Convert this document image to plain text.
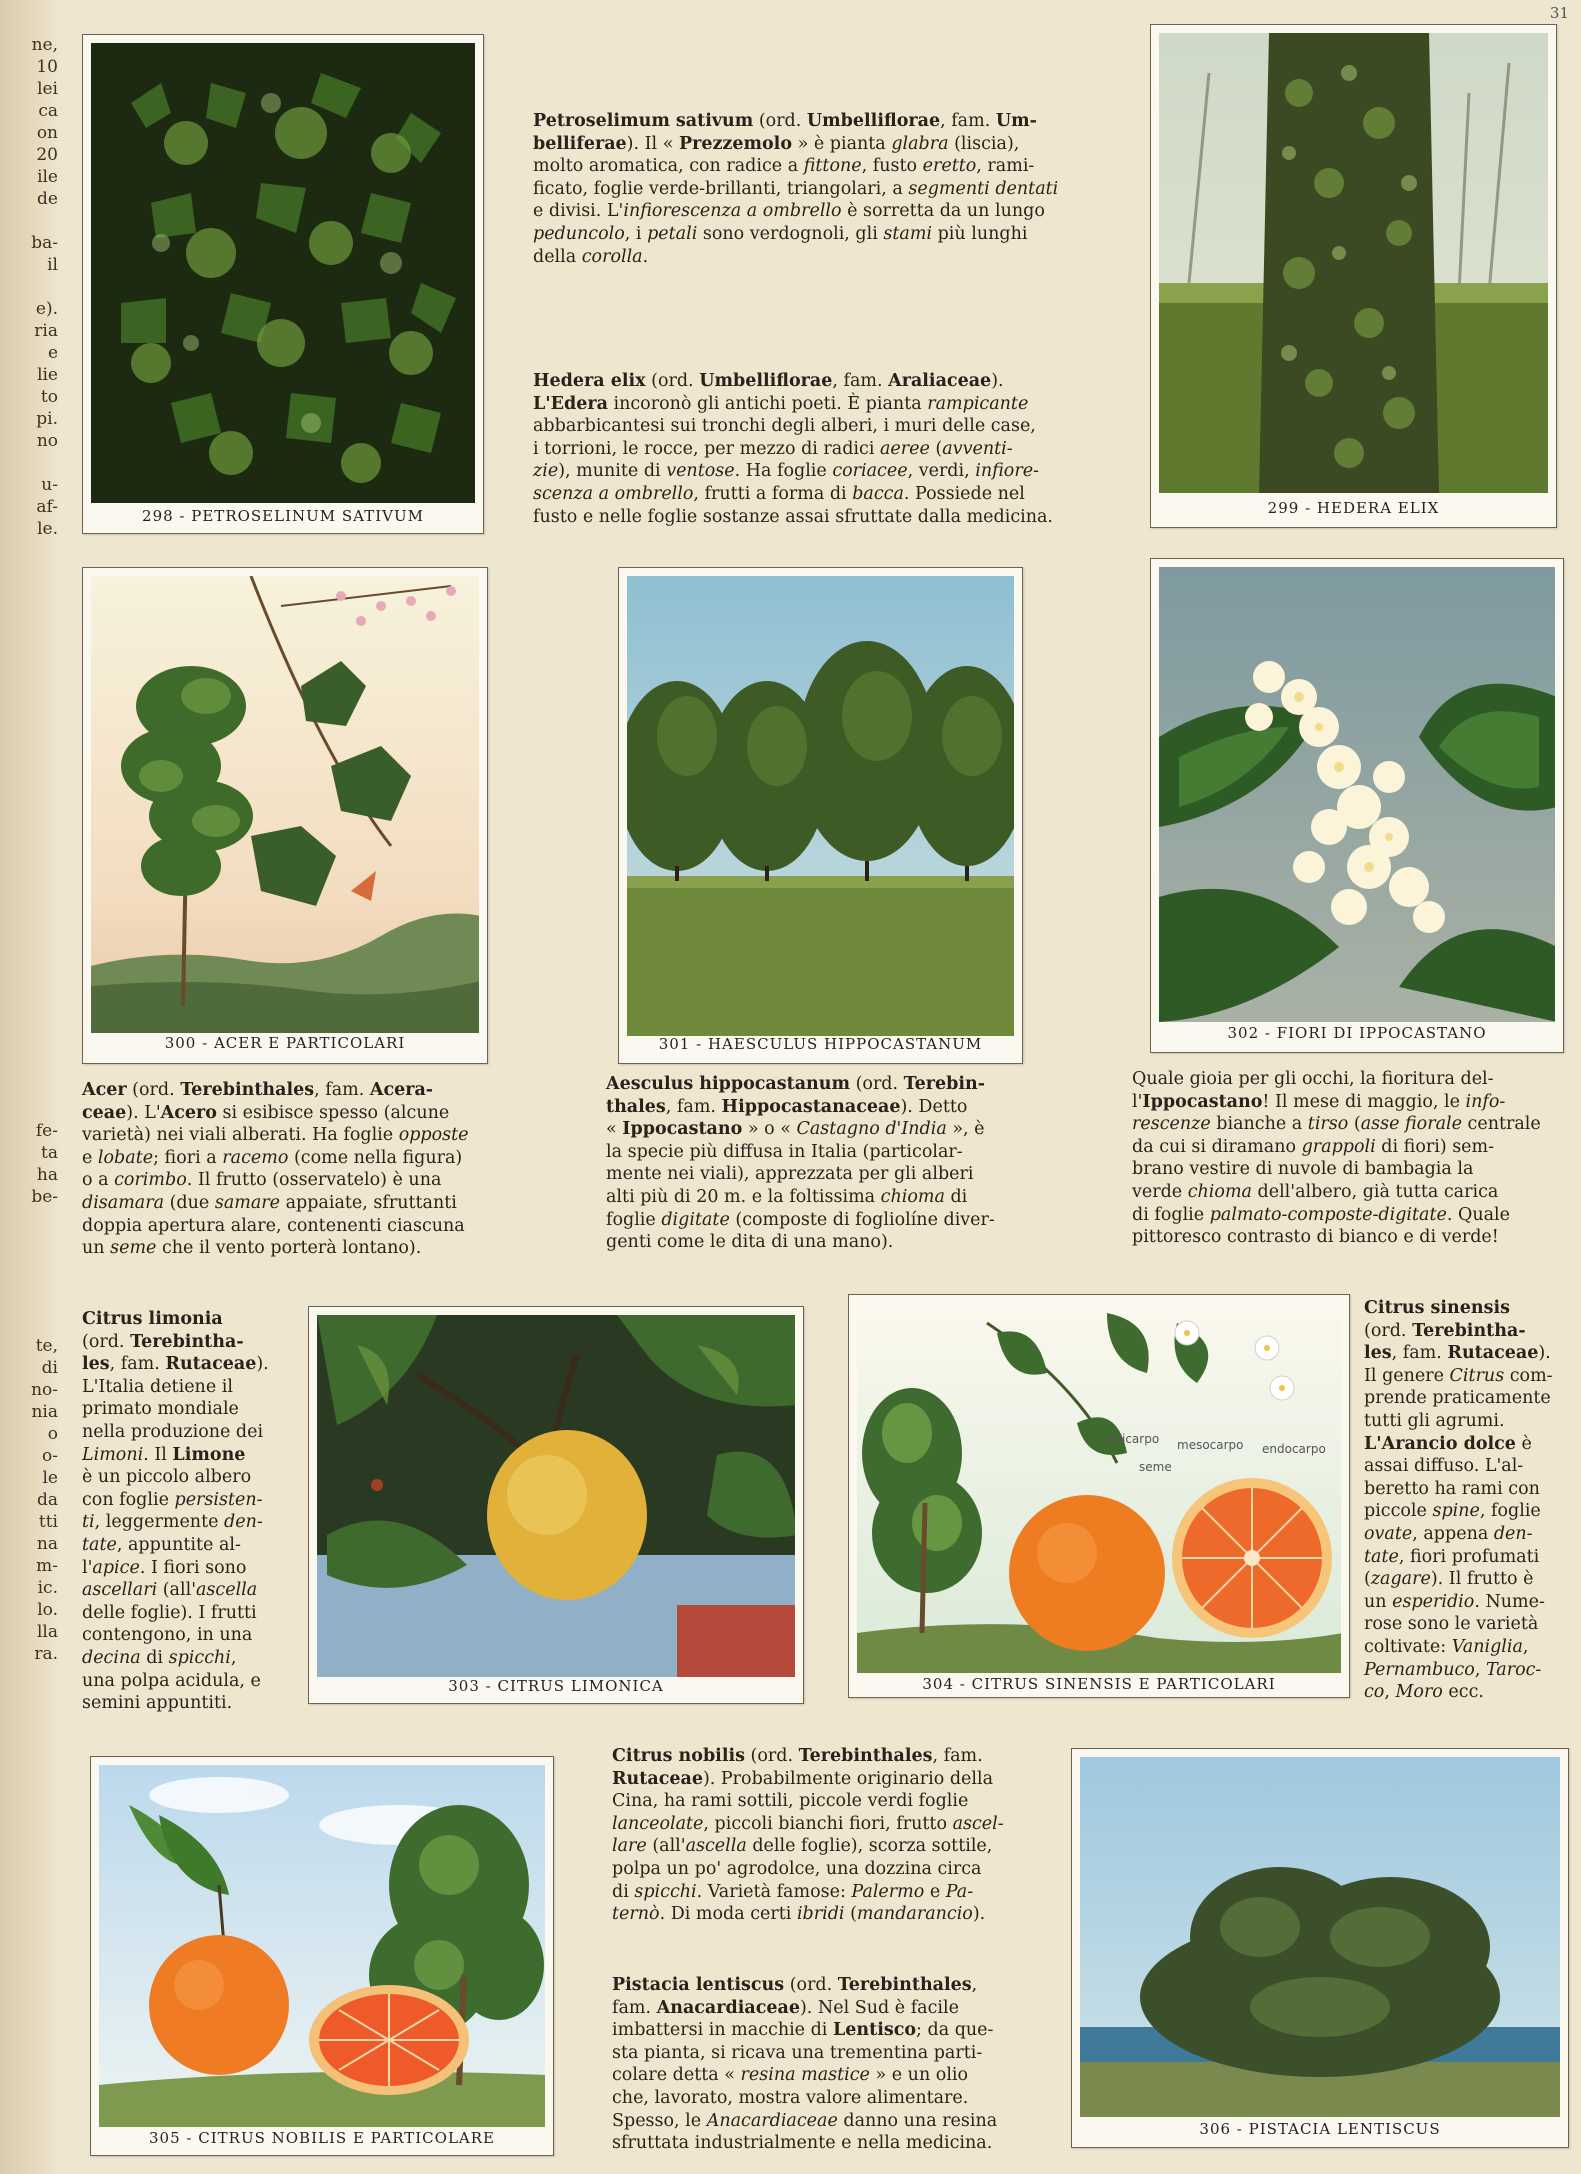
ne,
10
lei
ca
on
20
ile
de

ba-
il

e).
ria
e
lie
to
pi.
no

u-
af-
le.
fe-
ta
ha
be-
te,
di
no-
nia
o
o-
le
da
tti
na
m-
ic.
lo.
lla
ra.
31
298 - PETROSELINUM SATIVUM	299 - HEDERA ELIX
300 - ACER E PARTICOLARI	301 - HAESCULUS HIPPOCASTANUM
302 - FIORI DI IPPOCASTANO
303 - CITRUS LIMONICA
epicarpo mesocarpo endocarpo
seme
304 - CITRUS SINENSIS E PARTICOLARI
305 - CITRUS NOBILIS E PARTICOLARE	306 - PISTACIA LENTISCUS
Petroselimum sativum (ord. Umbelliflorae, fam. Um-
belliferae). Il « Prezzemolo » è pianta glabra (liscia),
molto aromatica, con radice a fittone, fusto eretto, rami-
ficato, foglie verde-brillanti, triangolari, a segmenti dentati
e divisi. L'infiorescenza a ombrello è sorretta da un lungo
peduncolo, i petali sono verdognoli, gli stami più lunghi
della corolla.
Hedera elix (ord. Umbelliflorae, fam. Araliaceae).
L'Edera incoronò gli antichi poeti. È pianta rampicante
abbarbicantesi sui tronchi degli alberi, i muri delle case,
i torrioni, le rocce, per mezzo di radici aeree (avventi-
zie), munite di ventose. Ha foglie coriacee, verdi, infiore-
scenza a ombrello, frutti a forma di bacca. Possiede nel
fusto e nelle foglie sostanze assai sfruttate dalla medicina.
Acer (ord. Terebinthales, fam. Acera-
ceae). L'Acero si esibisce spesso (alcune
varietà) nei viali alberati. Ha foglie opposte
e lobate; fiori a racemo (come nella figura)
o a corimbo. Il frutto (osservatelo) è una
disamara (due samare appaiate, sfruttanti
doppia apertura alare, contenenti ciascuna
un seme che il vento porterà lontano).
Aesculus hippocastanum (ord. Terebin-
thales, fam. Hippocastanaceae). Detto
« Ippocastano » o « Castagno d'India », è
la specie più diffusa in Italia (particolar-
mente nei viali), apprezzata per gli alberi
alti più di 20 m. e la foltissima chioma di
foglie digitate (composte di fogliolíne diver-
genti come le dita di una mano).
Quale gioia per gli occhi, la fioritura del-
l'Ippocastano! Il mese di maggio, le info-
rescenze bianche a tirso (asse fiorale centrale
da cui si diramano grappoli di fiori) sem-
brano vestire di nuvole di bambagia la
verde chioma dell'albero, già tutta carica
di foglie palmato-composte-digitate. Quale
pittoresco contrasto di bianco e di verde!
Citrus limonia
(ord. Terebintha-
les, fam. Rutaceae).
L'Italia detiene il
primato mondiale
nella produzione dei
Limoni. Il Limone
è un piccolo albero
con foglie persisten-
ti, leggermente den-
tate, appuntite al-
l'apice. I fiori sono
ascellari (all'ascella
delle foglie). I frutti
contengono, in una
decina di spicchi,
una polpa acidula, e
semini appuntiti.
Citrus sinensis
(ord. Terebintha-
les, fam. Rutaceae).
Il genere Citrus com-
prende praticamente
tutti gli agrumi.
L'Arancio dolce è
assai diffuso. L'al-
beretto ha rami con
piccole spine, foglie
ovate, appena den-
tate, fiori profumati
(zagare). Il frutto è
un esperidio. Nume-
rose sono le varietà
coltivate: Vaniglia,
Pernambuco, Taroc-
co, Moro ecc.
Citrus nobilis (ord. Terebinthales, fam.
Rutaceae). Probabilmente originario della
Cina, ha rami sottili, piccole verdi foglie
lanceolate, piccoli bianchi fiori, frutto ascel-
lare (all'ascella delle foglie), scorza sottile,
polpa un po' agrodolce, una dozzina circa
di spicchi. Varietà famose: Palermo e Pa-
ternò. Di moda certi ibridi (mandarancio).
Pistacia lentiscus (ord. Terebinthales,
fam. Anacardiaceae). Nel Sud è facile
imbattersi in macchie di Lentisco; da que-
sta pianta, si ricava una trementina parti-
colare detta « resina mastice » e un olio
che, lavorato, mostra valore alimentare.
Spesso, le Anacardiaceae danno una resina
sfruttata industrialmente e nella medicina.
